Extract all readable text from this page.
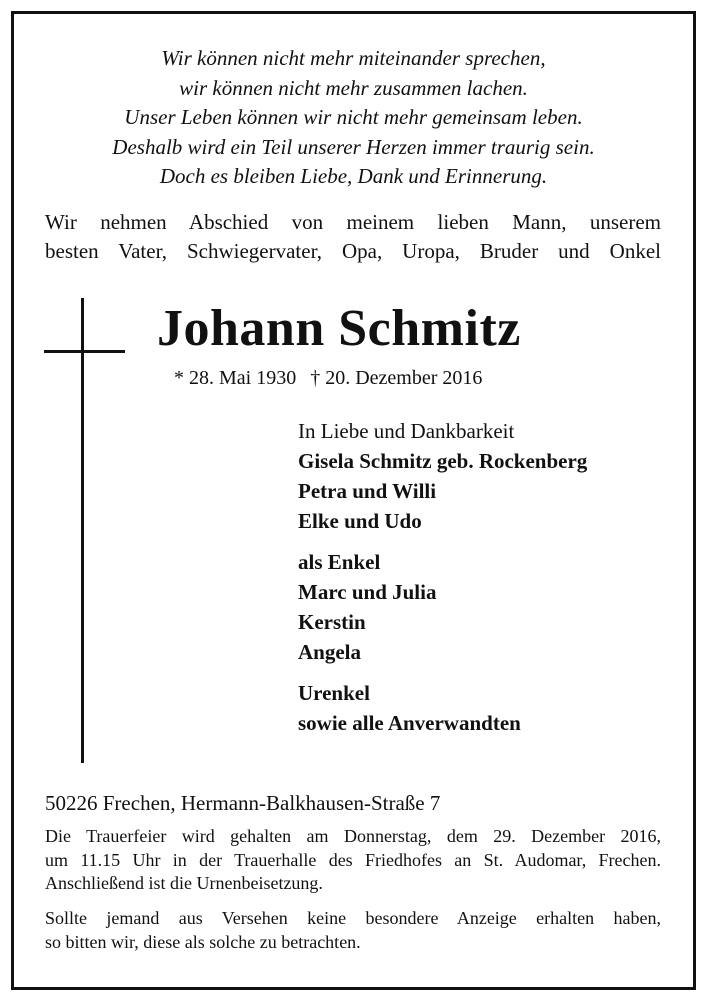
Wir können nicht mehr miteinander sprechen,
wir können nicht mehr zusammen lachen.
Unser Leben können wir nicht mehr gemeinsam leben.
Deshalb wird ein Teil unserer Herzen immer traurig sein.
Doch es bleiben Liebe, Dank und Erinnerung.
Wir nehmen Abschied von meinem lieben Mann, unserem
besten Vater, Schwiegervater, Opa, Uropa, Bruder und Onkel
Johann Schmitz
* 28. Mai 1930 † 20. Dezember 2016
In Liebe und Dankbarkeit
Gisela Schmitz geb. Rockenberg
Petra und Willi
Elke und Udo
als Enkel
Marc und Julia
Kerstin
Angela
Urenkel
sowie alle Anverwandten
50226 Frechen, Hermann-Balkhausen-Straße 7
Die Trauerfeier wird gehalten am Donnerstag, dem 29. Dezember 2016,
um 11.15 Uhr in der Trauerhalle des Friedhofes an St. Audomar, Frechen.
Anschließend ist die Urnenbeisetzung.
Sollte jemand aus Versehen keine besondere Anzeige erhalten haben,
so bitten wir, diese als solche zu betrachten.
